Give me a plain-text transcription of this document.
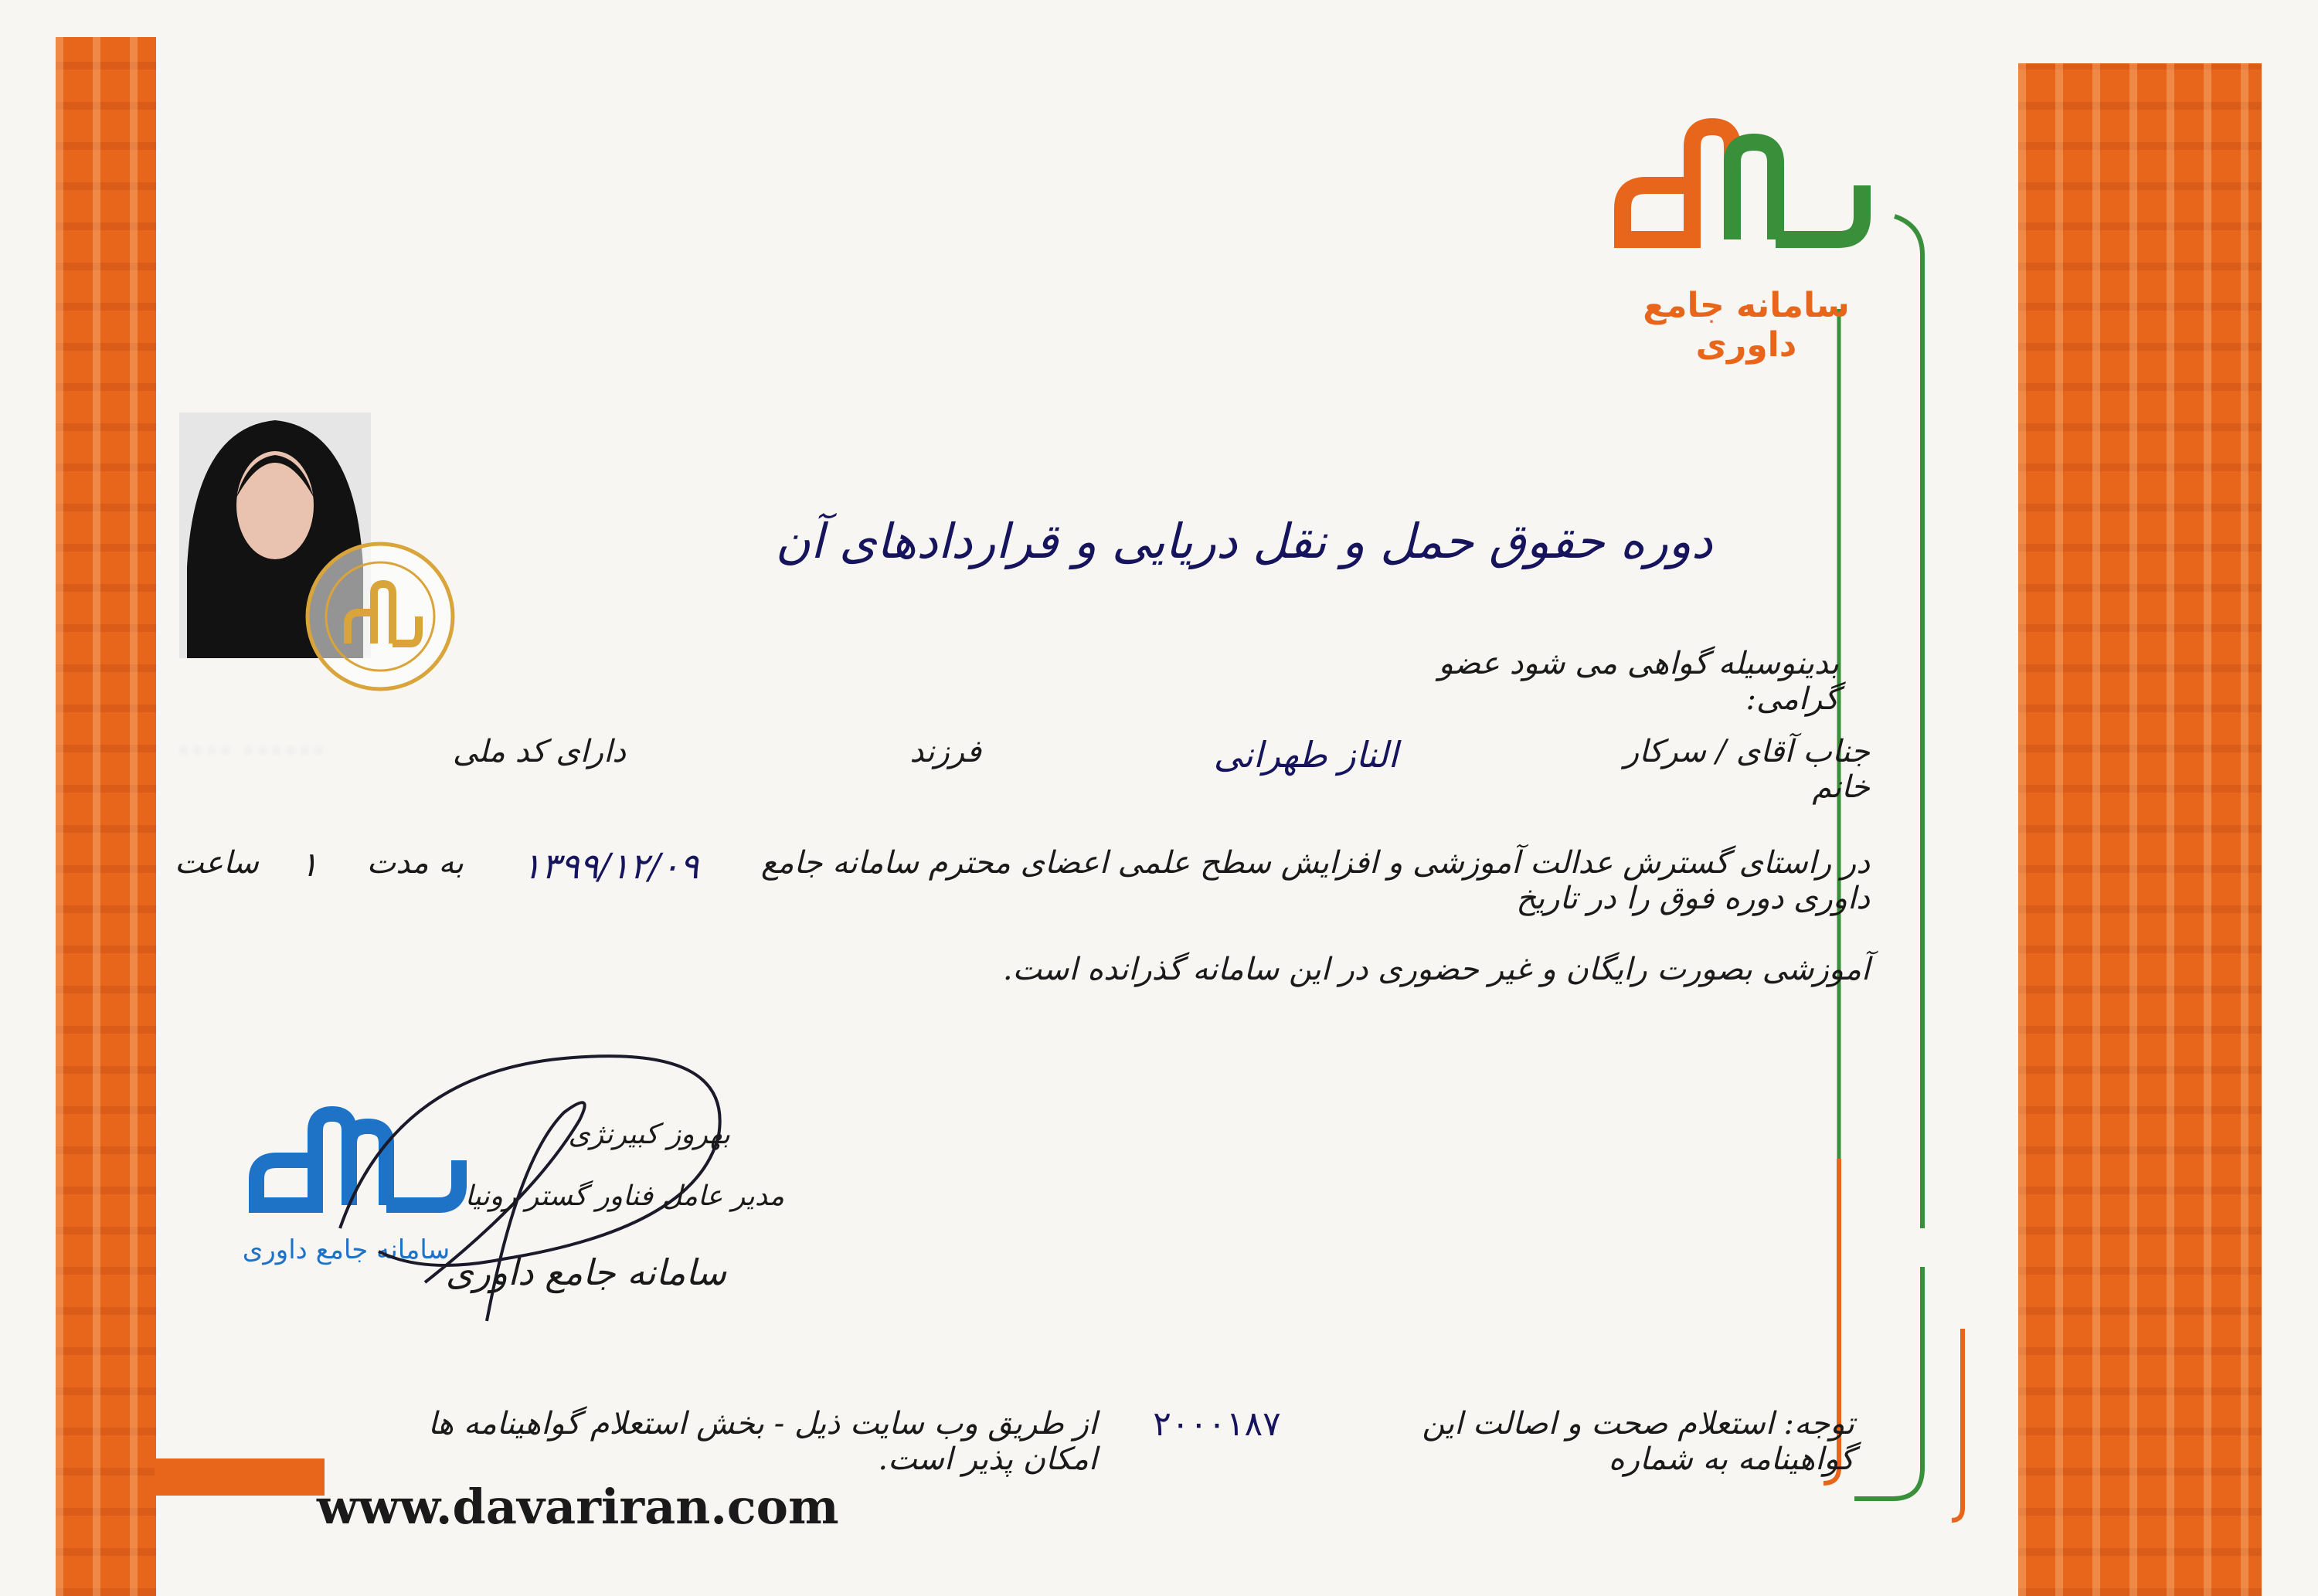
سامانه جامع داوری
دوره حقوق حمل و نقل دریایی و قراردادهای آن
بدینوسیله گواهی می شود عضو گرامی:
جناب آقای / سرکار خانم
الناز طهرانی
فرزند
دارای کد ملی
۰۰۰۰ ۰۰۰۰۰۰
در راستای گسترش عدالت آموزشی و افزایش سطح علمی اعضای محترم سامانه جامع داوری دوره فوق را در تاریخ
۱۳۹۹/۱۲/۰۹
به مدت
۱
ساعت
آموزشی بصورت رایگان و غیر حضوری در این سامانه گذرانده است.
سامانه جامع داوری
بهروز کبیرنژی
مدیر عامل فناور گستر رونیا
سامانه جامع داوری
توجه: استعلام صحت و اصالت این گواهینامه به شماره
۲۰۰۰۱۸۷
از طریق وب سایت ذیل - بخش استعلام گواهینامه ها امکان پذیر است.
www.davariran.com
